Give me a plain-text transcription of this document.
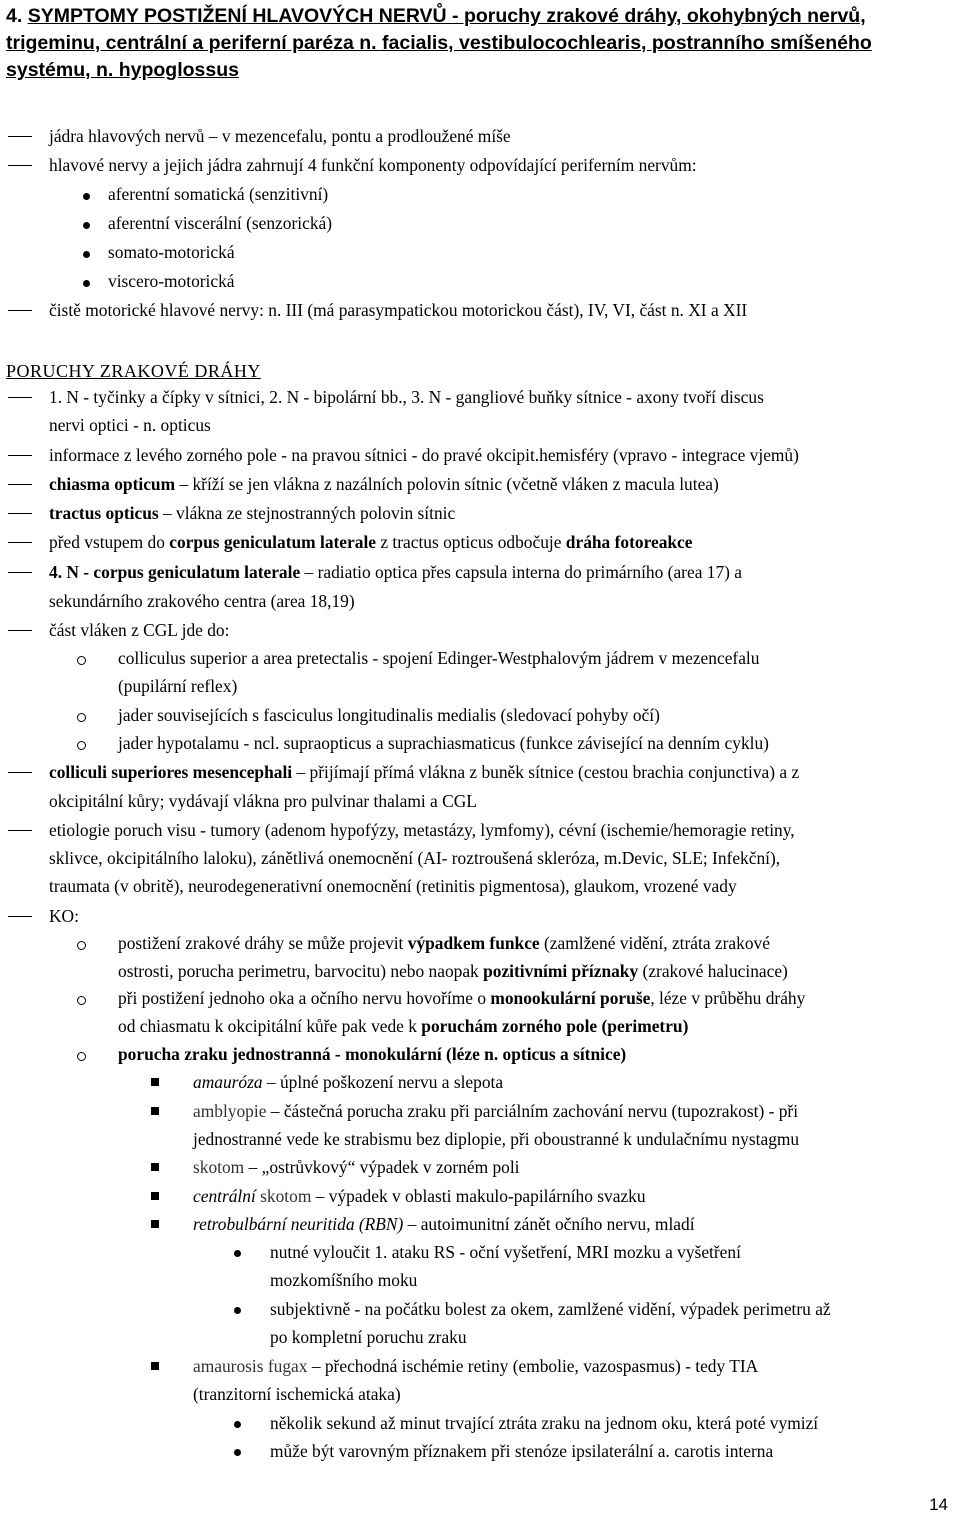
4. SYMPTOMY POSTIŽENÍ HLAVOVÝCH NERVŮ - poruchy zrakové dráhy, okohybných nervů, trigeminu, centrální a periferní paréza n. facialis, vestibulocochlearis, postranního smíšeného systému, n. hypoglossus
jádra hlavových nervů – v mezencefalu, pontu a prodloužené míše
hlavové nervy a jejich jádra zahrnují 4 funkční komponenty odpovídající periferním nervům:
aferentní somatická (senzitivní)
aferentní viscerální (senzorická)
somato-motorická
viscero-motorická
čistě motorické hlavové nervy: n. III (má parasympatickou motorickou část), IV, VI, část n. XI a XII
PORUCHY ZRAKOVÉ DRÁHY
1. N - tyčinky a čípky v sítnici, 2. N - bipolární bb., 3. N - gangliové buňky sítnice - axony tvoří discus
nervi optici - n. opticus
informace z levého zorného pole - na pravou sítnici - do pravé okcipit.hemisféry (vpravo - integrace vjemů)
chiasma opticum – kříží se jen vlákna z nazálních polovin sítnic (včetně vláken z macula lutea)
tractus opticus – vlákna ze stejnostranných polovin sítnic
před vstupem do corpus geniculatum laterale z tractus opticus odbočuje dráha fotoreakce
4. N - corpus geniculatum laterale – radiatio optica přes capsula interna do primárního (area 17) a
sekundárního zrakového centra (area 18,19)
část vláken z CGL jde do:
colliculus superior a area pretectalis - spojení Edinger-Westphalovým jádrem v mezencefalu
(pupilární reflex)
jader souvisejících s fasciculus longitudinalis medialis (sledovací pohyby očí)
jader hypotalamu - ncl. supraopticus a suprachiasmaticus (funkce závisející na denním cyklu)
colliculi superiores mesencephali – přijímají přímá vlákna z buněk sítnice (cestou brachia conjunctiva) a z
okcipitální kůry; vydávají vlákna pro pulvinar thalami a CGL
etiologie poruch visu - tumory (adenom hypofýzy, metastázy, lymfomy), cévní (ischemie/hemoragie retiny,
sklivce, okcipitálního laloku), zánětlivá onemocnění (AI- roztroušená skleróza, m.Devic, SLE; Infekční),
traumata (v obritě), neurodegenerativní onemocnění (retinitis pigmentosa), glaukom, vrozené vady
KO:
postižení zrakové dráhy se může projevit výpadkem funkce (zamlžené vidění, ztráta zrakové
ostrosti, porucha perimetru, barvocitu) nebo naopak pozitivními příznaky (zrakové halucinace)
při postižení jednoho oka a očního nervu hovoříme o monookulární poruše, léze v průběhu dráhy
od chiasmatu k okcipitální kůře pak vede k poruchám zorného pole (perimetru)
porucha zraku jednostranná - monokulární (léze n. opticus a sítnice)
amauróza – úplné poškození nervu a slepota
amblyopie – částečná porucha zraku při parciálním zachování nervu (tupozrakost) - při
jednostranné vede ke strabismu bez diplopie, při oboustranné k undulačnímu nystagmu
skotom – „ostrůvkový“ výpadek v zorném poli
centrální skotom – výpadek v oblasti makulo-papilárního svazku
retrobulbární neuritida (RBN) – autoimunitní zánět očního nervu, mladí
nutné vyloučit 1. ataku RS - oční vyšetření, MRI mozku a vyšetření
mozkomíšního moku
subjektivně - na počátku bolest za okem, zamlžené vidění, výpadek perimetru až
po kompletní poruchu zraku
amaurosis fugax – přechodná ischémie retiny (embolie, vazospasmus) - tedy TIA
(tranzitorní ischemická ataka)
několik sekund až minut trvající ztráta zraku na jednom oku, která poté vymizí
může být varovným příznakem při stenóze ipsilaterální a. carotis interna
14
